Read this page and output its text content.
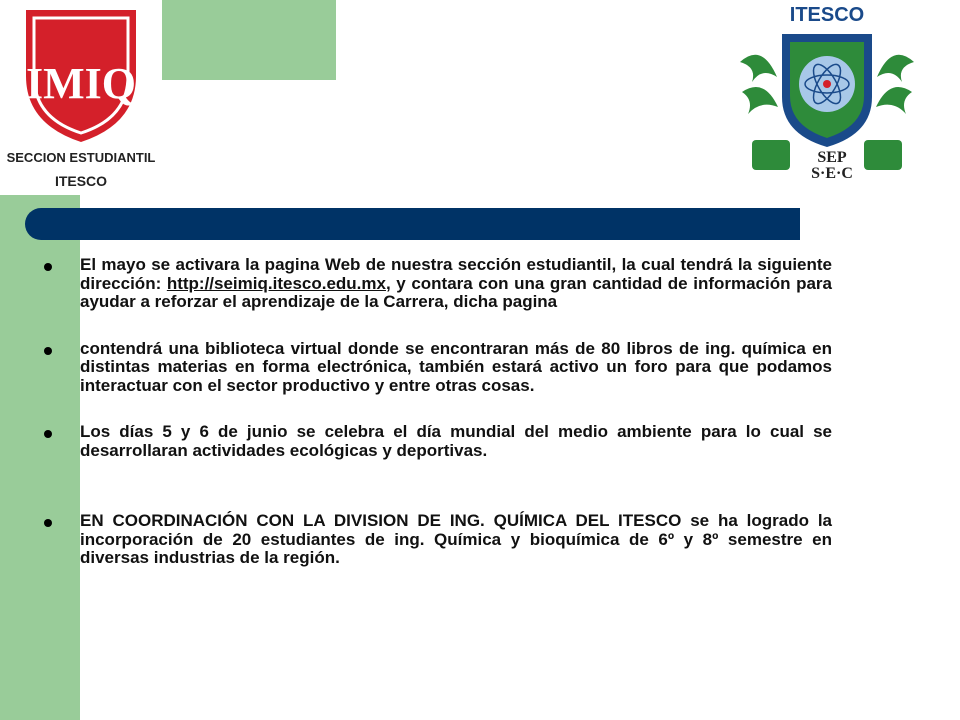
IMIQ
SECCION ESTUDIANTIL
ITESCO
ITESCO
SEP
S·E·C

El mayo se activara la pagina Web de nuestra sección estudiantil, la cual tendrá la siguiente dirección: http://seimiq.itesco.edu.mx, y contara con una gran cantidad de información para ayudar a reforzar el aprendizaje de la Carrera, dicha pagina

contendrá una biblioteca virtual donde se encontraran más de 80 libros de ing. química en distintas materias en forma electrónica, también estará activo un foro para que podamos interactuar con el sector productivo y entre otras cosas.

Los días 5 y 6 de junio se celebra el día mundial del medio ambiente para lo cual se desarrollaran actividades ecológicas y deportivas.

EN COORDINACIÓN CON LA DIVISION DE ING. QUÍMICA DEL ITESCO se ha logrado la incorporación de 20 estudiantes de ing. Química y bioquímica de 6º y 8º semestre en diversas industrias de la región.
